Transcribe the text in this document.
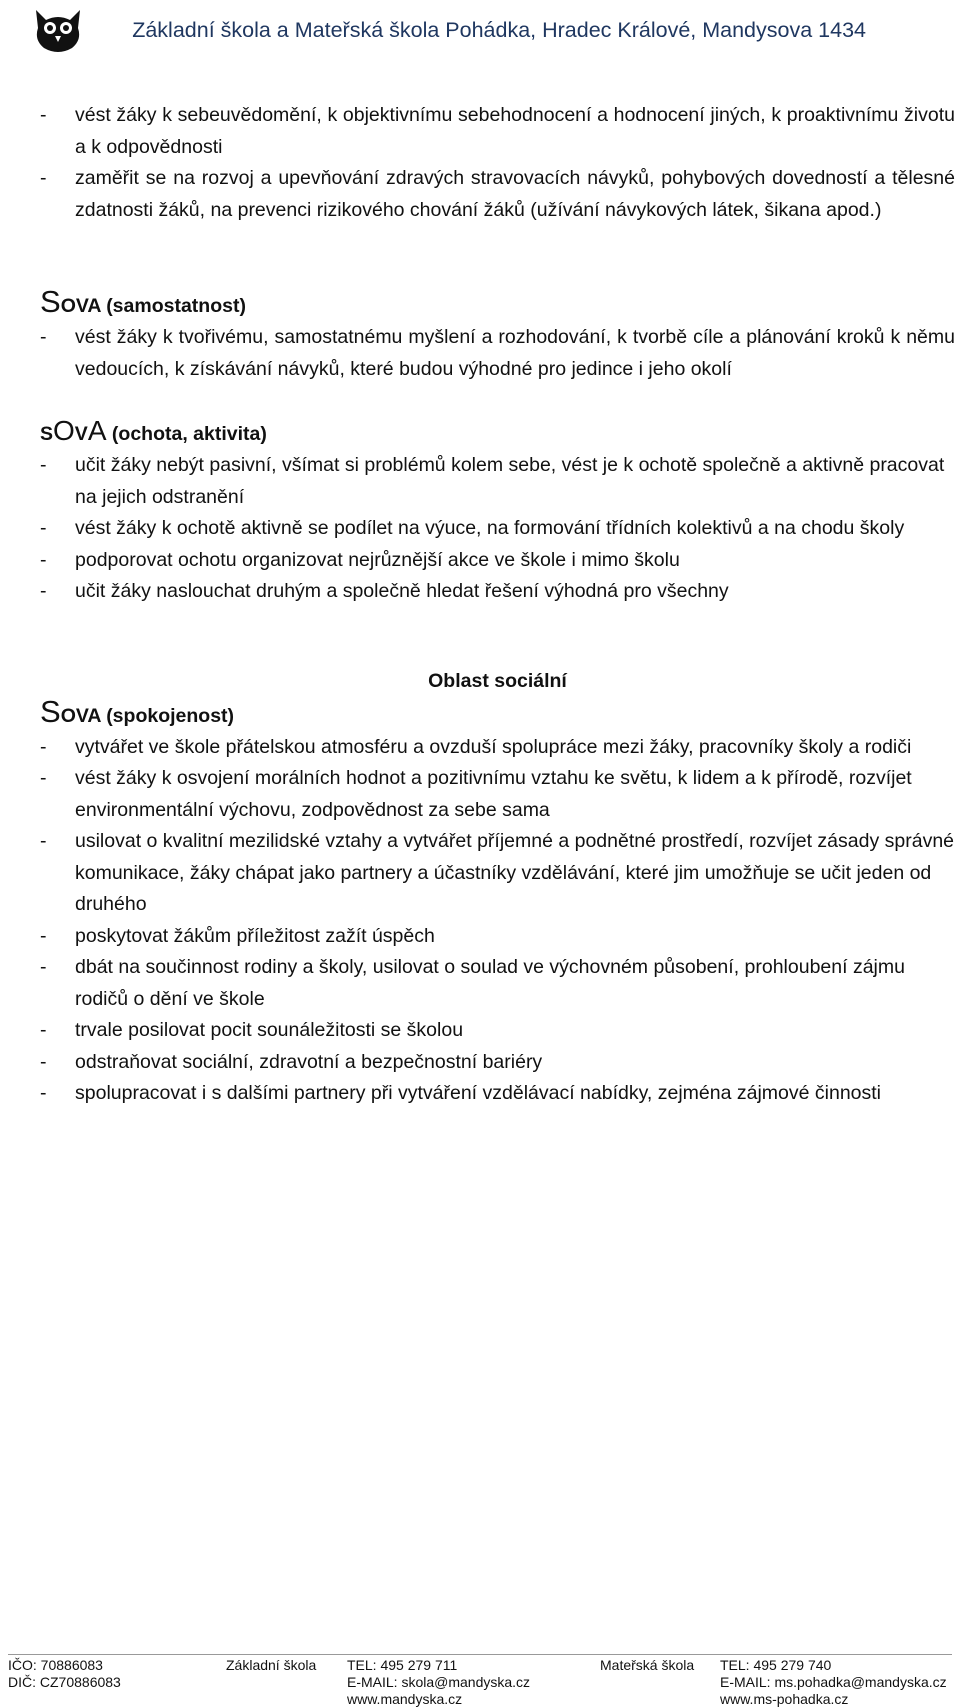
Základní škola a Mateřská škola Pohádka, Hradec Králové, Mandysova 1434
- vést žáky k sebeuvědomění, k objektivnímu sebehodnocení a hodnocení jiných, k proaktivnímu životu a k odpovědnosti
- zaměřit se na rozvoj a upevňování zdravých stravovacích návyků, pohybových dovedností a tělesné zdatnosti žáků, na prevenci rizikového chování žáků (užívání návykových látek, šikana apod.)

SOVA (samostatnost)

- vést žáky k tvořivému, samostatnému myšlení a rozhodování, k tvorbě cíle a plánování kroků k němu vedoucích, k získávání návyků, které budou výhodné pro jedince i jeho okolí

SOVA (ochota, aktivita)

- učit žáky nebýt pasivní, všímat si problémů kolem sebe, vést je k ochotě společně a aktivně pracovat na jejich odstranění
- vést žáky k ochotě aktivně se podílet na výuce, na formování třídních kolektivů a na chodu školy
- podporovat ochotu organizovat nejrůznější akce ve škole i mimo školu
- učit žáky naslouchat druhým a společně hledat řešení výhodná pro všechny

Oblast sociální

SOVA (spokojenost)

- vytvářet ve škole přátelskou atmosféru a ovzduší spolupráce mezi žáky, pracovníky školy a rodiči
- vést žáky k osvojení morálních hodnot a pozitivnímu vztahu ke světu, k lidem a k přírodě, rozvíjet environmentální výchovu, zodpovědnost za sebe sama
- usilovat o kvalitní mezilidské vztahy a vytvářet příjemné a podnětné prostředí, rozvíjet zásady správné komunikace, žáky chápat jako partnery a účastníky vzdělávání, které jim umožňuje se učit jeden od druhého
- poskytovat žákům příležitost zažít úspěch
- dbát na součinnost rodiny a školy, usilovat o soulad ve výchovném působení, prohloubení zájmu rodičů o dění ve škole
- trvale posilovat pocit sounáležitosti se školou
- odstraňovat sociální, zdravotní a bezpečnostní bariéry
- spolupracovat i s dalšími partnery při vytváření vzdělávací nabídky, zejména zájmové činnosti
IČO: 70886083
DIČ: CZ70886083
Základní škola TEL: 495 279 711
E-MAIL: skola@mandyska.cz
www.mandyska.cz
Mateřská škola TEL: 495 279 740
E-MAIL: ms.pohadka@mandyska.cz
www.ms-pohadka.cz
